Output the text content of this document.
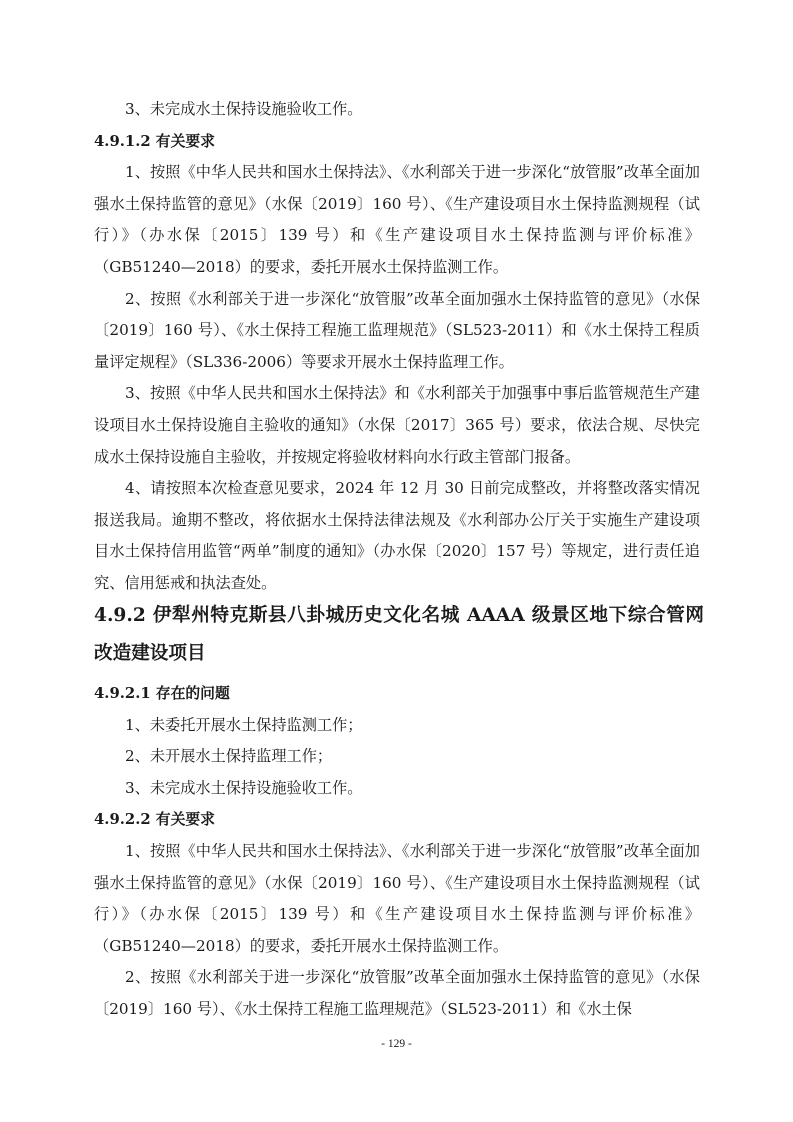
3、未完成水土保持设施验收工作。

4.9.1.2 有关要求

1、按照《中华人民共和国水土保持法》、《水利部关于进一步深化“放管服”改革全面加强水土保持监管的意见》（水保〔2019〕160 号）、《生产建设项目水土保持监测规程（试行）》（办水保〔2015〕139 号）和《生产建设项目水土保持监测与评价标准》（GB51240—2018）的要求，委托开展水土保持监测工作。

2、按照《水利部关于进一步深化“放管服”改革全面加强水土保持监管的意见》（水保〔2019〕160 号）、《水土保持工程施工监理规范》（SL523-2011）和《水土保持工程质量评定规程》（SL336-2006）等要求开展水土保持监理工作。

3、按照《中华人民共和国水土保持法》和《水利部关于加强事中事后监管规范生产建设项目水土保持设施自主验收的通知》（水保〔2017〕365 号）要求，依法合规、尽快完成水土保持设施自主验收，并按规定将验收材料向水行政主管部门报备。

4、请按照本次检查意见要求，2024 年 12 月 30 日前完成整改，并将整改落实情况报送我局。逾期不整改，将依据水土保持法律法规及《水利部办公厅关于实施生产建设项目水土保持信用监管“两单”制度的通知》（办水保〔2020〕157 号）等规定，进行责任追究、信用惩戒和执法查处。

4.9.2 伊犁州特克斯县八卦城历史文化名城 AAAA 级景区地下综合管网改造建设项目

4.9.2.1 存在的问题

1、未委托开展水土保持监测工作；

2、未开展水土保持监理工作；

3、未完成水土保持设施验收工作。

4.9.2.2 有关要求

1、按照《中华人民共和国水土保持法》、《水利部关于进一步深化“放管服”改革全面加强水土保持监管的意见》（水保〔2019〕160 号）、《生产建设项目水土保持监测规程（试行）》（办水保〔2015〕139 号）和《生产建设项目水土保持监测与评价标准》（GB51240—2018）的要求，委托开展水土保持监测工作。

2、按照《水利部关于进一步深化“放管服”改革全面加强水土保持监管的意见》（水保〔2019〕160 号）、《水土保持工程施工监理规范》（SL523-2011）和《水土保

- 129 -
